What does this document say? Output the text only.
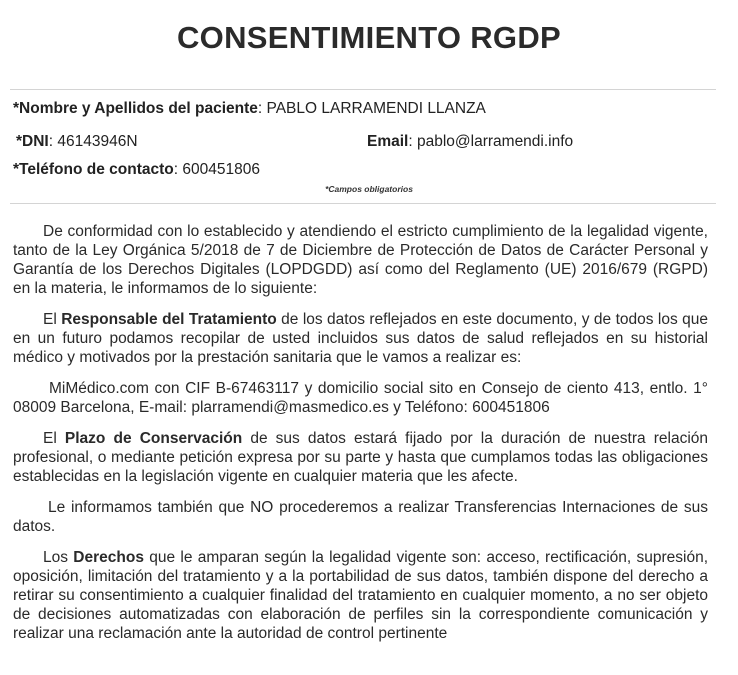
CONSENTIMIENTO RGDP
*Nombre y Apellidos del paciente: PABLO LARRAMENDI LLANZA
*DNI: 46143946N	Email: pablo@larramendi.info
*Teléfono de contacto: 600451806
*Campos obligatorios

De conformidad con lo establecido y atendiendo el estricto cumplimiento de la legalidad vigente, tanto de la Ley Orgánica 5/2018 de 7 de Diciembre de Protección de Datos de Carácter Personal y Garantía de los Derechos Digitales (LOPDGDD) así como del Reglamento (UE) 2016/679 (RGPD) en la materia, le informamos de lo siguiente:

El Responsable del Tratamiento de los datos reflejados en este documento, y de todos los que en un futuro podamos recopilar de usted incluidos sus datos de salud reflejados en su historial médico y motivados por la prestación sanitaria que le vamos a realizar es:

MiMédico.com con CIF B-67463117 y domicilio social sito en Consejo de ciento 413, entlo. 1° 08009 Barcelona, E-mail: plarramendi@masmedico.es y Teléfono: 600451806

El Plazo de Conservación de sus datos estará fijado por la duración de nuestra relación profesional, o mediante petición expresa por su parte y hasta que cumplamos todas las obligaciones establecidas en la legislación vigente en cualquier materia que les afecte.

Le informamos también que NO procederemos a realizar Transferencias Internaciones de sus datos.

Los Derechos que le amparan según la legalidad vigente son: acceso, rectificación, supresión, oposición, limitación del tratamiento y a la portabilidad de sus datos, también dispone del derecho a retirar su consentimiento a cualquier finalidad del tratamiento en cualquier momento, a no ser objeto de decisiones automatizadas con elaboración de perfiles sin la correspondiente comunicación y realizar una reclamación ante la autoridad de control pertinente
